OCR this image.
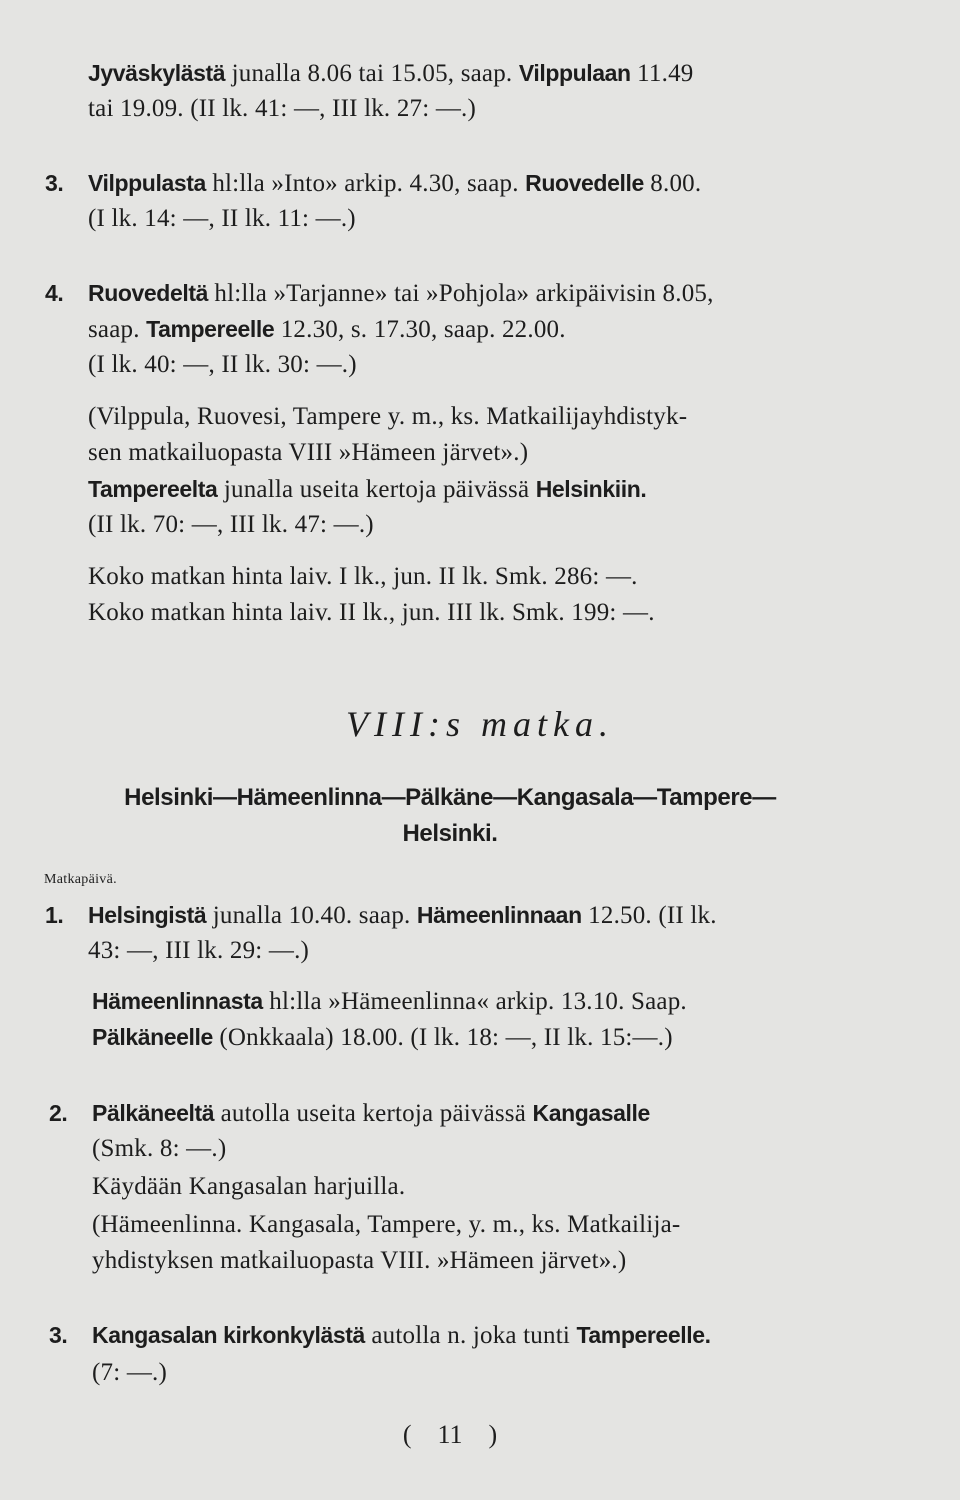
Jyväskylästä junalla 8.06 tai 15.05, saap. Vilppulaan 11.49
tai 19.09. (II lk. 41: —, III lk. 27: —.)
3. Vilppulasta hl:lla »Into» arkip. 4.30, saap. Ruovedelle 8.00.
(I lk. 14: —, II lk. 11: —.)
4. Ruovedeltä hl:lla »Tarjanne» tai »Pohjola» arkipäivisin 8.05,
saap. Tampereelle 12.30, s. 17.30, saap. 22.00.
(I lk. 40: —, II lk. 30: —.)
(Vilppula, Ruovesi, Tampere y. m., ks. Matkailijayhdistyk-
sen matkailuopasta VIII »Hämeen järvet».)
Tampereelta junalla useita kertoja päivässä Helsinkiin.
(II lk. 70: —, III lk. 47: —.)
Koko matkan hinta laiv. I lk., jun. II lk. Smk. 286: —.
Koko matkan hinta laiv. II lk., jun. III lk. Smk. 199: —.
VIII:s matka.
Helsinki—Hämeenlinna—Pälkäne—Kangasala—Tampere—
Helsinki.
Matkapäivä.
1. Helsingistä junalla 10.40. saap. Hämeenlinnaan 12.50. (II lk.
43: —, III lk. 29: —.)
Hämeenlinnasta hl:lla »Hämeenlinna« arkip. 13.10. Saap.
Pälkäneelle (Onkkaala) 18.00. (I lk. 18: —, II lk. 15:—.)
2. Pälkäneeltä autolla useita kertoja päivässä Kangasalle
(Smk. 8: —.)
Käydään Kangasalan harjuilla.
(Hämeenlinna. Kangasala, Tampere, y. m., ks. Matkailija-
yhdistyksen matkailuopasta VIII. »Hämeen järvet».)
3. Kangasalan kirkonkylästä autolla n. joka tunti Tampereelle.
(7: —.)
(    11    )
